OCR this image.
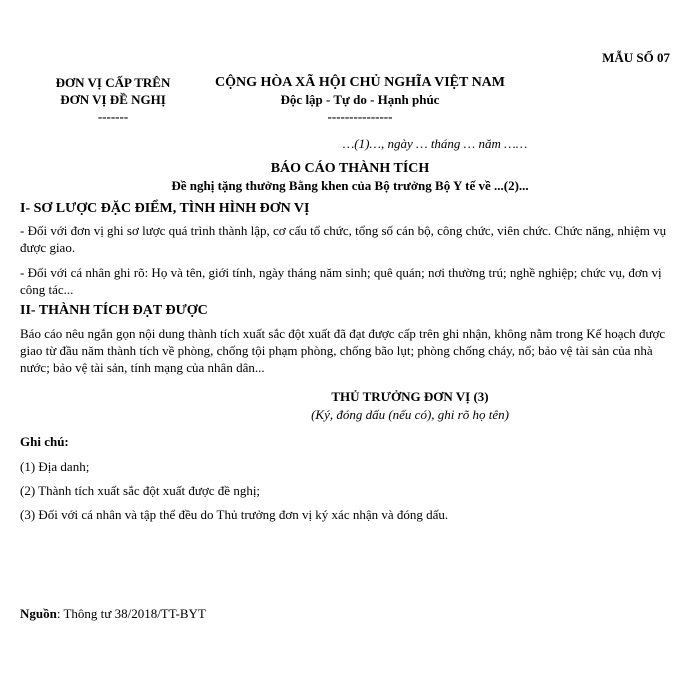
MẪU SỐ 07
ĐƠN VỊ CẤP TRÊN
ĐƠN VỊ ĐỀ NGHỊ
-------
CỘNG HÒA XÃ HỘI CHỦ NGHĨA VIỆT NAM
Độc lập - Tự do - Hạnh phúc
---------------
…(1)…, ngày … tháng … năm ……
BÁO CÁO THÀNH TÍCH
Đề nghị tặng thưởng Bằng khen của Bộ trưởng Bộ Y tế về ...(2)...
I- SƠ LƯỢC ĐẶC ĐIỂM, TÌNH HÌNH ĐƠN VỊ
- Đối với đơn vị ghi sơ lược quá trình thành lập, cơ cấu tổ chức, tổng số cán bộ, công chức, viên chức. Chức năng, nhiệm vụ được giao.
- Đối với cá nhân ghi rõ: Họ và tên, giới tính, ngày tháng năm sinh; quê quán; nơi thường trú; nghề nghiệp; chức vụ, đơn vị công tác...
II- THÀNH TÍCH ĐẠT ĐƯỢC
Báo cáo nêu ngắn gọn nội dung thành tích xuất sắc đột xuất đã đạt được cấp trên ghi nhận, không nằm trong Kế hoạch được giao từ đầu năm thành tích về phòng, chống tội phạm phòng, chống bão lụt; phòng chống cháy, nổ; bảo vệ tài sản của nhà nước; bảo vệ tài sản, tính mạng của nhân dân...
THỦ TRƯỞNG ĐƠN VỊ (3)
(Ký, đóng dấu (nếu có), ghi rõ họ tên)
Ghi chú:
(1) Địa danh;
(2) Thành tích xuất sắc đột xuất được đề nghị;
(3) Đối với cá nhân và tập thể đều do Thủ trưởng đơn vị ký xác nhận và đóng dấu.
Nguồn: Thông tư 38/2018/TT-BYT
